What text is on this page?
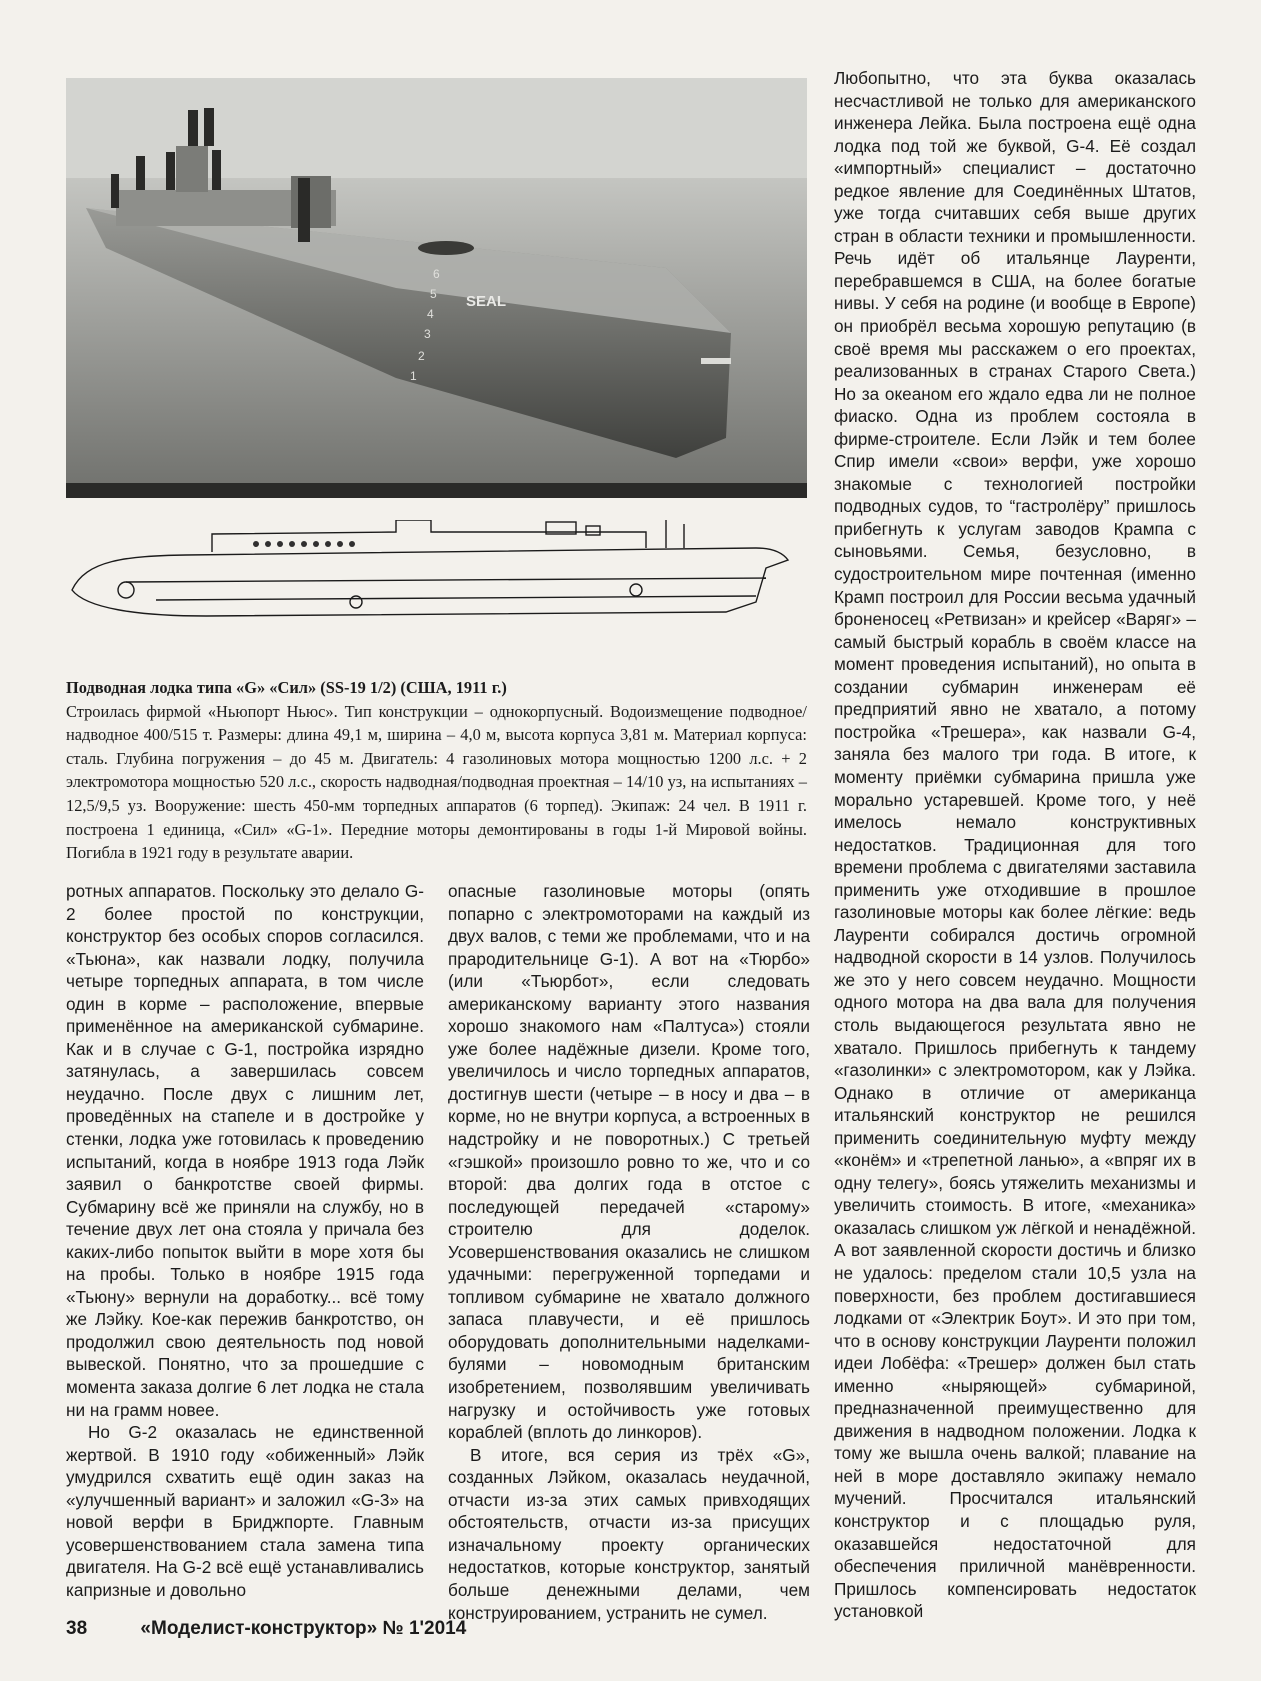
SEAL
6
5
4
3
2
1
Подводная лодка типа «G» «Сил» (SS-19 1/2) (США, 1911 г.)
Строилась фирмой «Ньюпорт Ньюс». Тип конструкции – однокорпусный. Водоизмещение подводное/надводное 400/515 т. Размеры: длина 49,1 м, ширина – 4,0 м, высота корпуса 3,81 м. Материал корпуса: сталь. Глубина погружения – до 45 м. Двигатель: 4 газолиновых мотора мощностью 1200 л.с. + 2 электромотора мощностью 520 л.с., скорость надводная/подводная проектная – 14/10 уз, на испытаниях – 12,5/9,5 уз. Вооружение: шесть 450-мм торпедных аппаратов (6 торпед). Экипаж: 24 чел. В 1911 г. построена 1 единица, «Сил» «G-1». Передние моторы демонтированы в годы 1-й Мировой войны. Погибла в 1921 году в результате аварии.

Любопытно, что эта буква оказалась несчастливой не только для американского инженера Лейка. Была построена ещё одна лодка под той же буквой, G-4. Её создал «импортный» специалист – достаточно редкое явление для Соединённых Штатов, уже тогда считавших себя выше других стран в области техники и промышленности. Речь идёт об итальянце Лауренти, перебравшемся в США, на более богатые нивы. У себя на родине (и вообще в Европе) он приобрёл весьма хорошую репутацию (в своё время мы расскажем о его проектах, реализованных в странах Старого Света.) Но за океаном его ждало едва ли не полное фиаско. Одна из проблем состояла в фирме-строителе. Если Лэйк и тем более Спир имели «свои» верфи, уже хорошо знакомые с технологией постройки подводных судов, то “гастролёру” пришлось прибегнуть к услугам заводов Крампа с сыновьями. Семья, безусловно, в судостроительном мире почтенная (именно Крамп построил для России весьма удачный броненосец «Ретвизан» и крейсер «Варяг» – самый быстрый корабль в своём классе на момент проведения испытаний), но опыта в создании субмарин инженерам её предприятий явно не хватало, а потому постройка «Трешера», как назвали G-4, заняла без малого три года. В итоге, к моменту приёмки субмарина пришла уже морально устаревшей. Кроме того, у неё имелось немало конструктивных недостатков. Традиционная для того времени проблема с двигателями заставила применить уже отходившие в прошлое газолиновые моторы как более лёгкие: ведь Лауренти собирался достичь огромной надводной скорости в 14 узлов. Получилось же это у него совсем неудачно. Мощности одного мотора на два вала для получения столь выдающегося результата явно не хватало. Пришлось прибегнуть к тандему «газолинки» с электромотором, как у Лэйка. Однако в отличие от американца итальянский конструктор не решился применить соединительную муфту между «конём» и «трепетной ланью», а «впряг их в одну телегу», боясь утяжелить механизмы и увеличить стоимость. В итоге, «механика» оказалась слишком уж лёгкой и ненадёжной. А вот заявленной скорости достичь и близко не удалось: пределом стали 10,5 узла на поверхности, без проблем достигавшиеся лодками от «Электрик Боут». И это при том, что в основу конструкции Лауренти положил идеи Лобёфа: «Трешер» должен был стать именно «ныряющей» субмариной, предназначенной преимущественно для движения в надводном положении. Лодка к тому же вышла очень валкой; плавание на ней в море доставляло экипажу немало мучений. Просчитался итальянский конструктор и с площадью руля, оказавшейся недостаточной для обеспечения приличной манёвренности. Пришлось компенсировать недостаток установкой

ротных аппаратов. Поскольку это делало G-2 более простой по конструкции, конструктор без особых споров согласился. «Тьюна», как назвали лодку, получила четыре торпедных аппарата, в том числе один в корме – расположение, впервые применённое на американской субмарине. Как и в случае с G-1, постройка изрядно затянулась, а завершилась совсем неудачно. После двух с лишним лет, проведённых на стапеле и в достройке у стенки, лодка уже готовилась к проведению испытаний, когда в ноябре 1913 года Лэйк заявил о банкротстве своей фирмы. Субмарину всё же приняли на службу, но в течение двух лет она стояла у причала без каких-либо попыток выйти в море хотя бы на пробы. Только в ноябре 1915 года «Тьюну» вернули на доработку... всё тому же Лэйку. Кое-как пережив банкротство, он продолжил свою деятельность под новой вывеской. Понятно, что за прошедшие с момента заказа долгие 6 лет лодка не стала ни на грамм новее.

Но G-2 оказалась не единственной жертвой. В 1910 году «обиженный» Лэйк умудрился схватить ещё один заказ на «улучшенный вариант» и заложил «G-3» на новой верфи в Бриджпорте. Главным усовершенствованием стала замена типа двигателя. На G-2 всё ещё устанавливались капризные и довольно

опасные газолиновые моторы (опять попарно с электромоторами на каждый из двух валов, с теми же проблемами, что и на прародительнице G-1). А вот на «Тюрбо» (или «Тьюрбот», если следовать американскому варианту этого названия хорошо знакомого нам «Палтуса») стояли уже более надёжные дизели. Кроме того, увеличилось и число торпедных аппаратов, достигнув шести (четыре – в носу и два – в корме, но не внутри корпуса, а встроенных в надстройку и не поворотных.) С третьей «гэшкой» произошло ровно то же, что и со второй: два долгих года в отстое с последующей передачей «старому» строителю для доделок. Усовершенствования оказались не слишком удачными: перегруженной торпедами и топливом субмарине не хватало должного запаса плавучести, и её пришлось оборудовать дополнительными наделками-булями – новомодным британским изобретением, позволявшим увеличивать нагрузку и остойчивость уже готовых кораблей (вплоть до линкоров).

В итоге, вся серия из трёх «G», созданных Лэйком, оказалась неудачной, отчасти из-за этих самых привходящих обстоятельств, отчасти из-за присущих изначальному проекту органических недостатков, которые конструктор, занятый больше денежными делами, чем конструированием, устранить не сумел.

38	«Моделист-конструктор» № 1'2014
